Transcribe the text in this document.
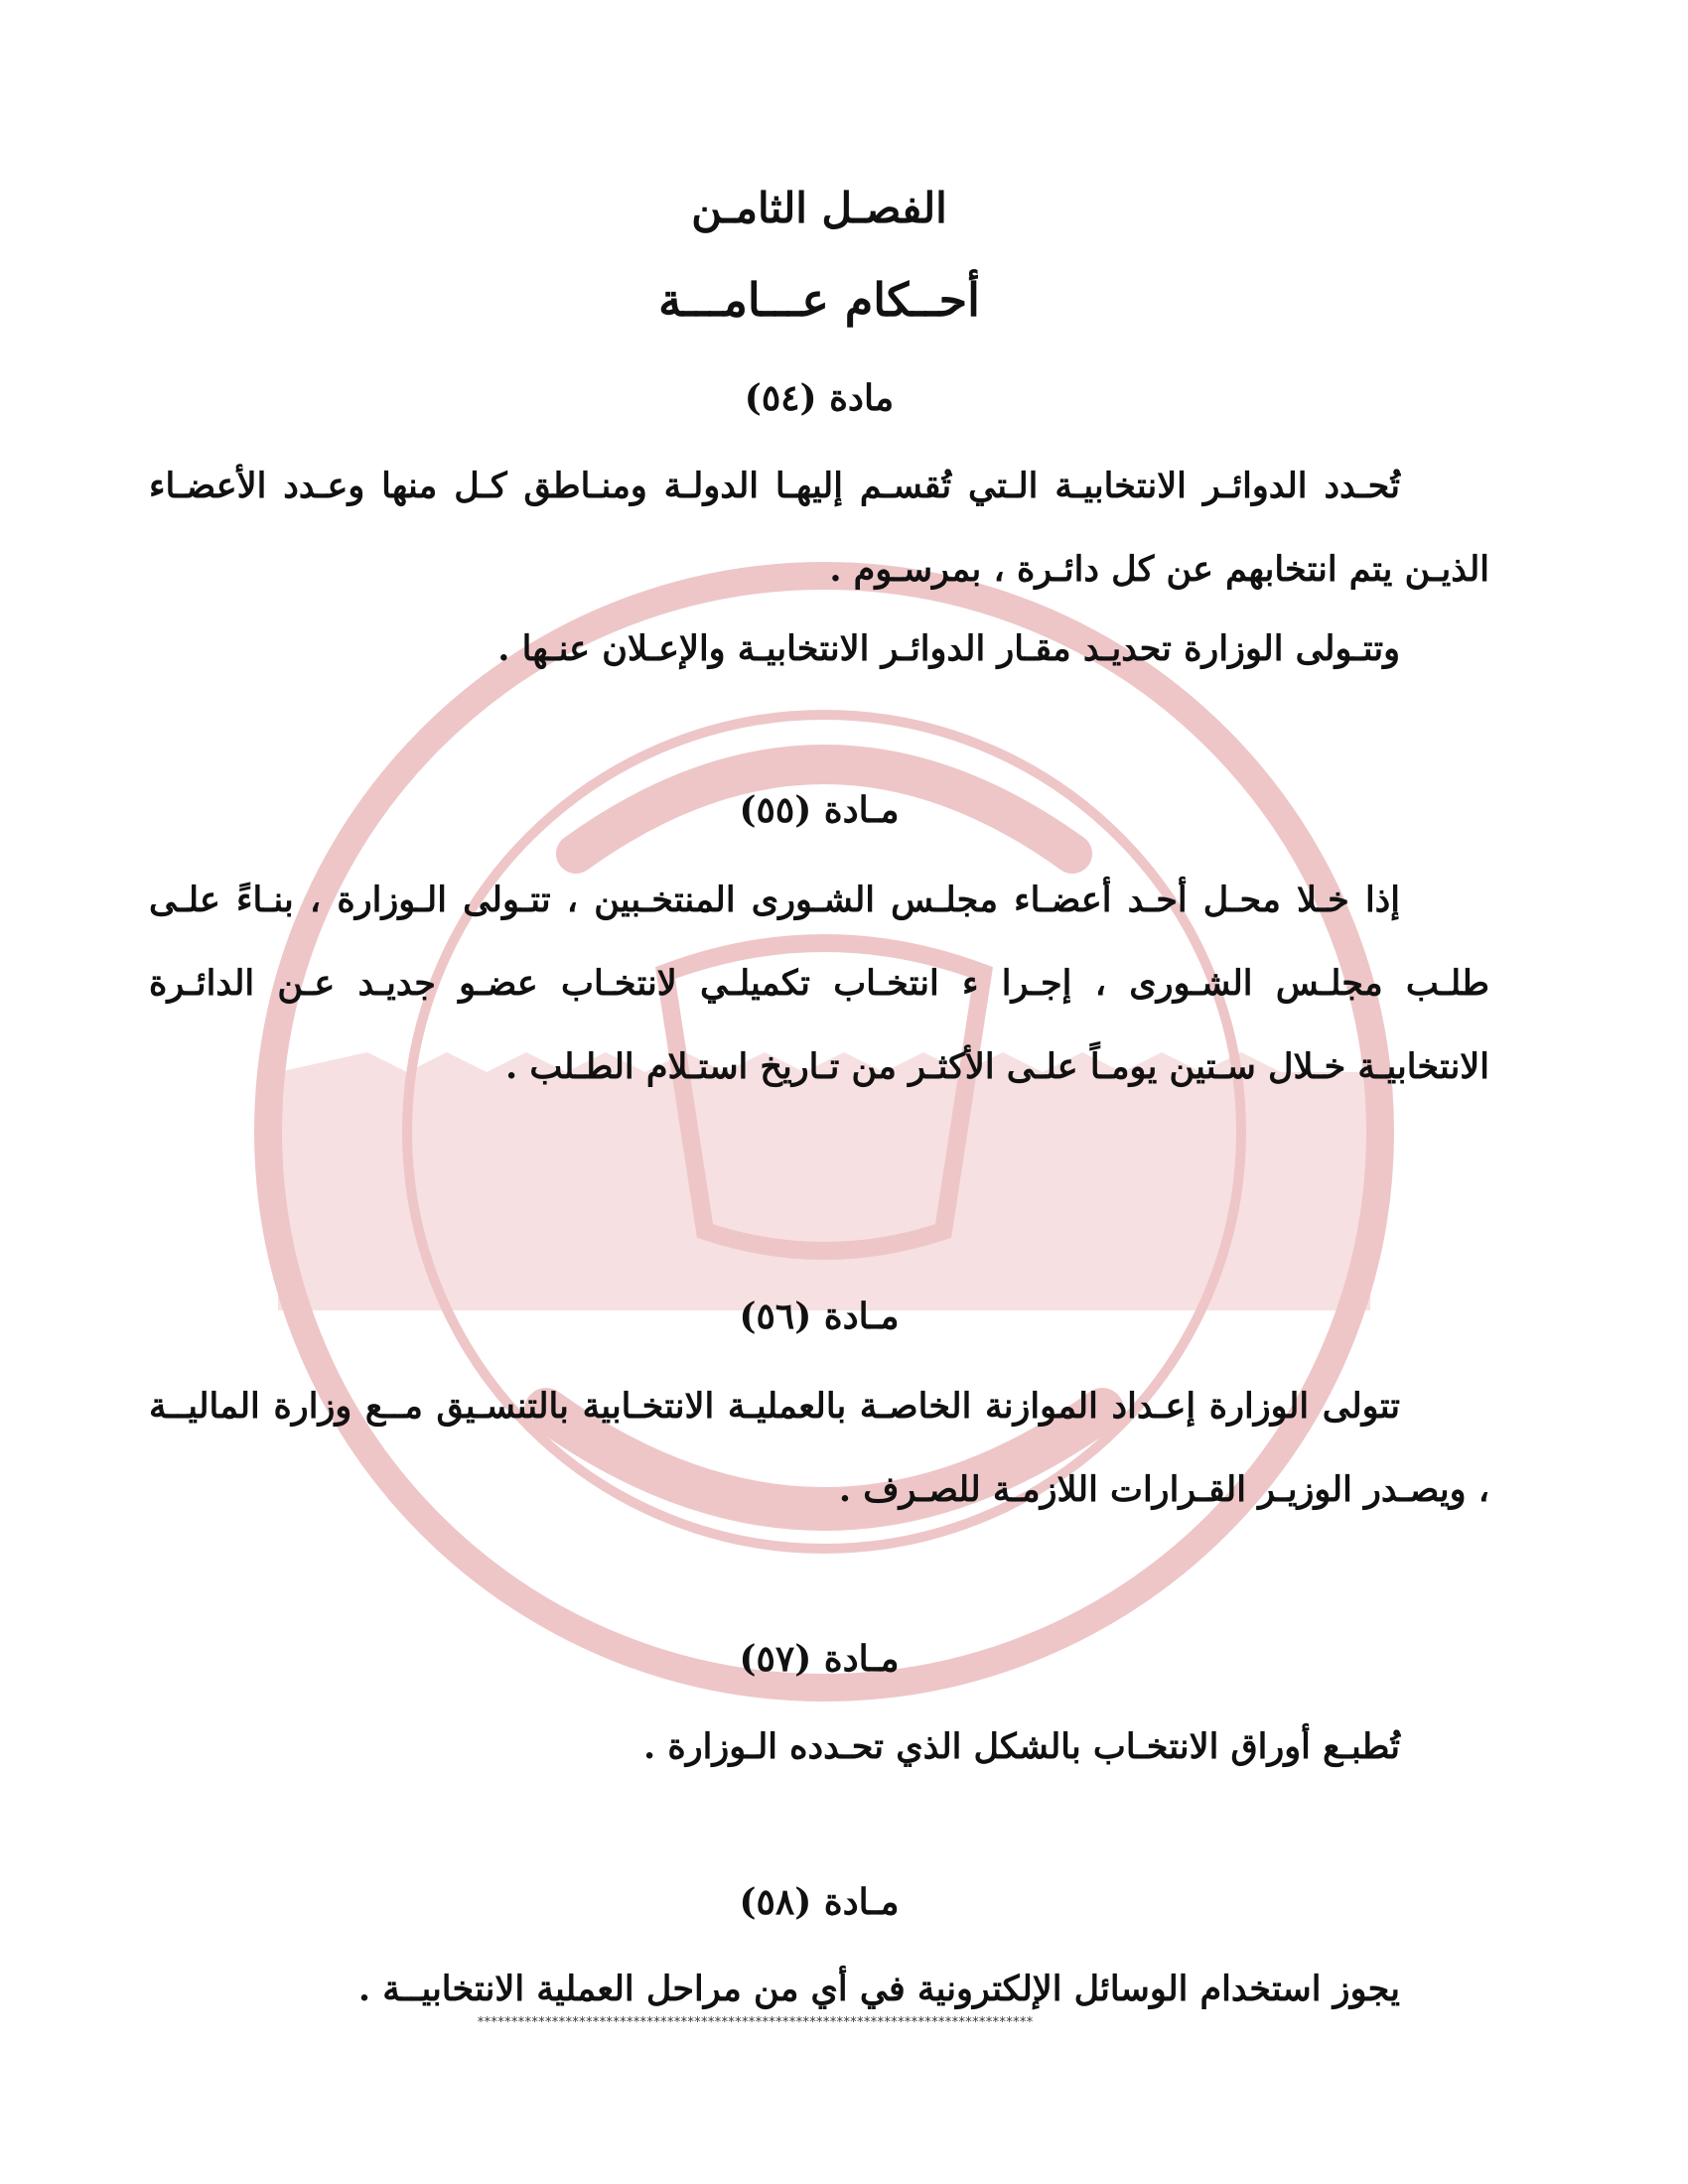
الفصـل الثامـن
أحــكام عـــامـــة
مادة (٥٤)

تُحـدد الدوائـر الانتخابيـة الـتي تُقسـم إليهـا الدولـة ومنـاطق كـل منها وعـدد الأعضـاء الذيـن يتم انتخابهم عن كل دائـرة ، بمرسـوم .

وتتـولى الوزارة تحديـد مقـار الدوائـر الانتخابيـة والإعـلان عنـها .

مـادة (٥٥)

إذا خـلا محـل أحـد أعضـاء مجلـس الشـورى المنتخـبين ، تتـولى الـوزارة ، بنـاءً علـى طلـب مجلـس الشـورى ، إجـرا ء انتخـاب تكميلـي لانتخـاب عضـو جديـد عـن الدائـرة الانتخابيـة خـلال سـتين يومـاً علـى الأكثـر من تـاريخ استـلام الطـلب .

مـادة (٥٦)

تتولى الوزارة إعـداد الموازنة الخاصـة بالعمليـة الانتخـابية بالتنسـيق مــع وزارة الماليــة ، ويصـدر الوزيـر القـرارات اللازمـة للصـرف .

مـادة (٥٧)

تُطبـع أوراق الانتخـاب بالشكل الذي تحـدده الـوزارة .

مـادة (٥٨)

يجوز استخدام الوسائل الإلكترونية في أي من مراحل العملية الانتخابيــة .

**********************************************************************************
